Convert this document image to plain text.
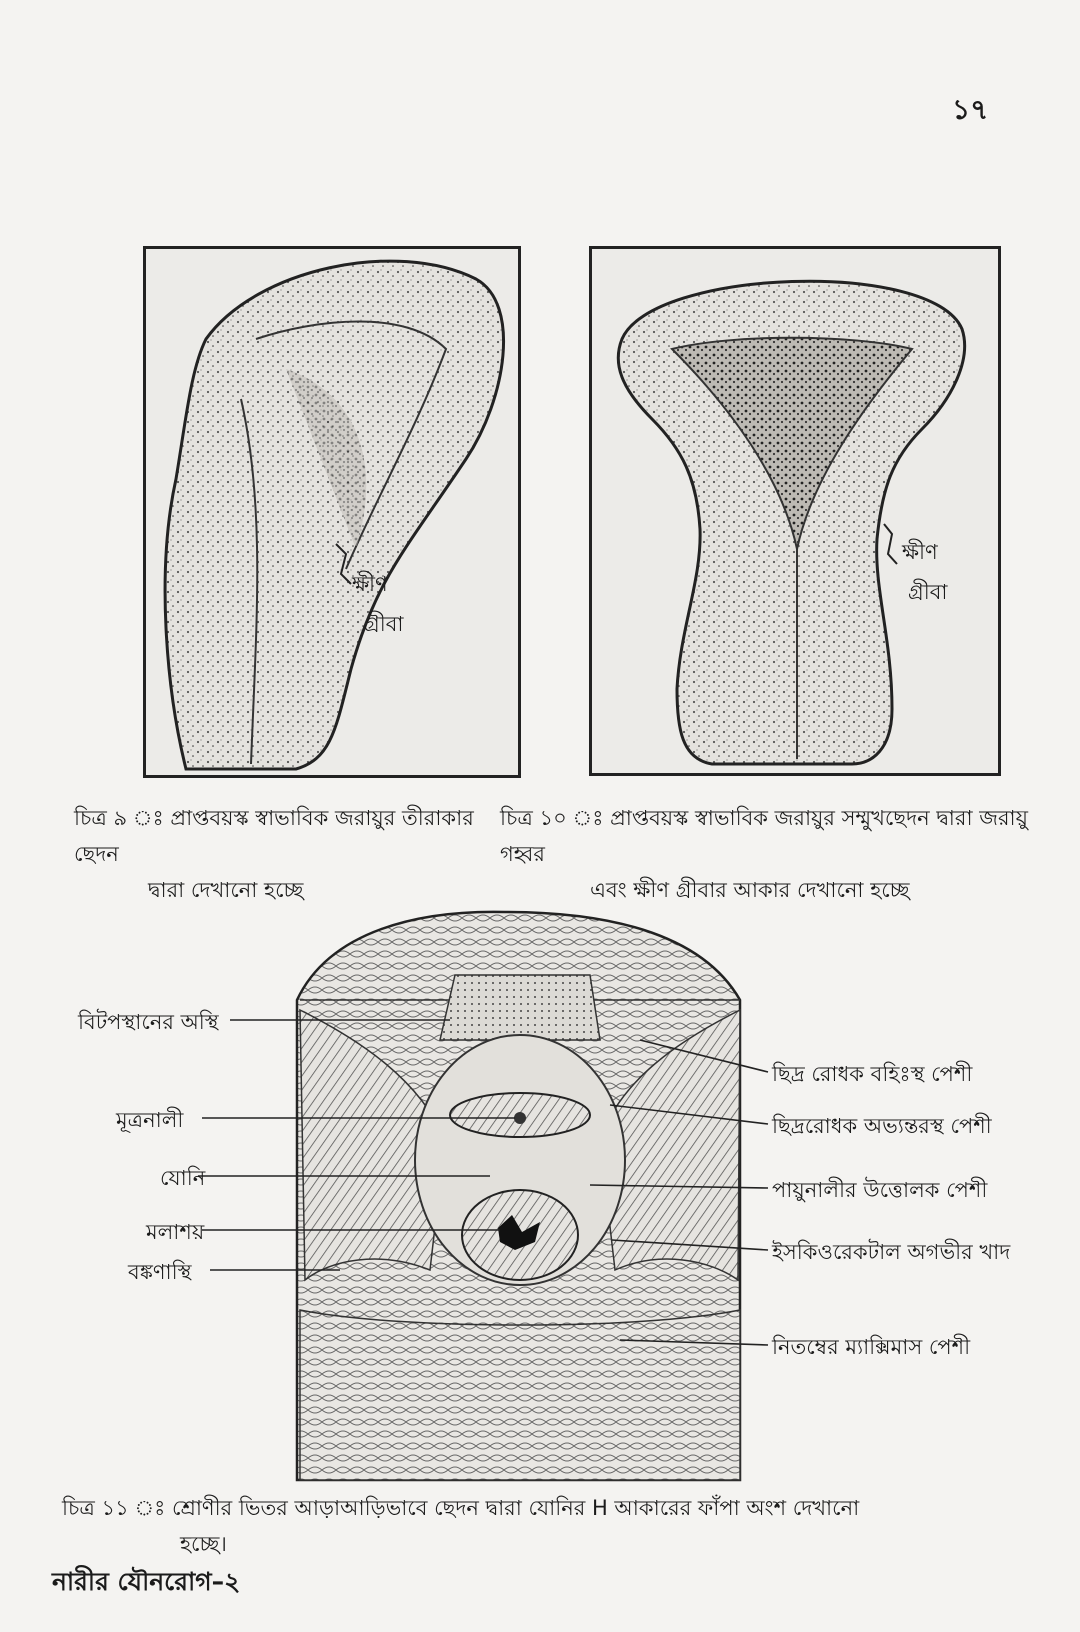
১৭
ক্ষীণ
গ্রীবা
ক্ষীণ
গ্রীবা
চিত্র ৯ ঃ প্রাপ্তবয়স্ক স্বাভাবিক জরায়ুর তীরাকার ছেদন
দ্বারা দেখানো হচ্ছে
চিত্র ১০ ঃ প্রাপ্তবয়স্ক স্বাভাবিক জরায়ুর সম্মুখছেদন দ্বারা জরায়ু গহ্বর
এবং ক্ষীণ গ্রীবার আকার দেখানো হচ্ছে
বিটপস্থানের অস্থি
মূত্রনালী
যোনি
মলাশয়
বঙ্কণাস্থি
ছিদ্র রোধক বহিঃস্থ পেশী
ছিদ্ররোধক অভ্যন্তরস্থ পেশী
পায়ুনালীর উত্তোলক পেশী
ইসকিওরেকটাল অগভীর খাদ
নিতম্বের ম্যাক্সিমাস পেশী
চিত্র ১১ ঃ শ্রোণীর ভিতর আড়াআড়িভাবে ছেদন দ্বারা যোনির H আকারের ফাঁপা অংশ দেখানো
হচ্ছে।
নারীর যৌনরোগ–২
